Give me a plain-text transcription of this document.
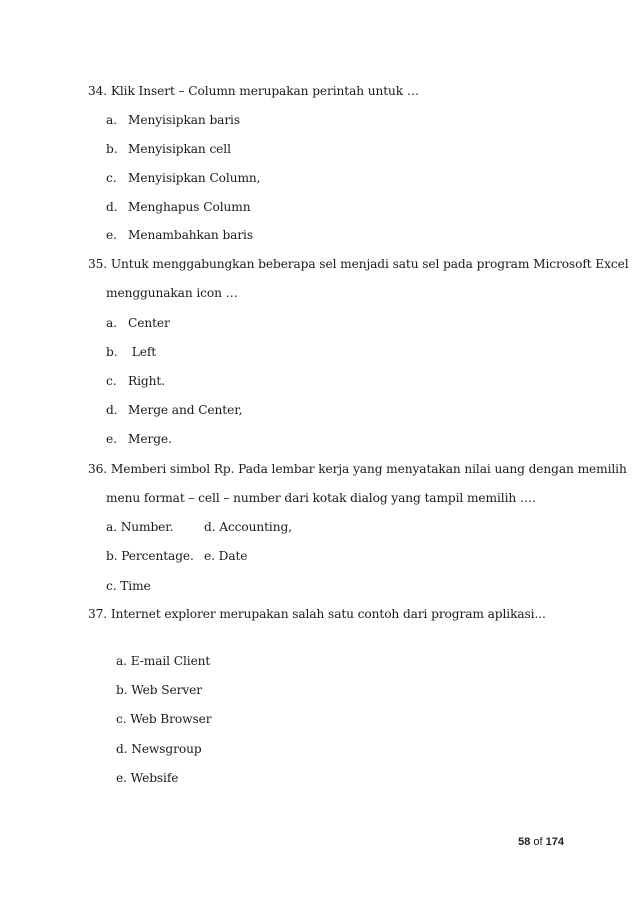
34. Klik Insert – Column merupakan perintah untuk …
a. Menyisipkan baris
b. Menyisipkan cell
c. Menyisipkan Column,
d. Menghapus Column
e. Menambahkan baris
35. Untuk menggabungkan beberapa sel menjadi satu sel pada program Microsoft Excel
menggunakan icon …
a. Center
b. Left
c. Right.
d. Merge and Center,
e. Merge.
36. Memberi simbol Rp. Pada lembar kerja yang menyatakan nilai uang dengan memilih
menu format – cell – number dari kotak dialog yang tampil memilih ….
a. Number.	d. Accounting,
b. Percentage. e. Date
c. Time
37. Internet explorer merupakan salah satu contoh dari program aplikasi...
a. E-mail Client
b. Web Server
c. Web Browser
d. Newsgroup
e. Websife
58 of 174
